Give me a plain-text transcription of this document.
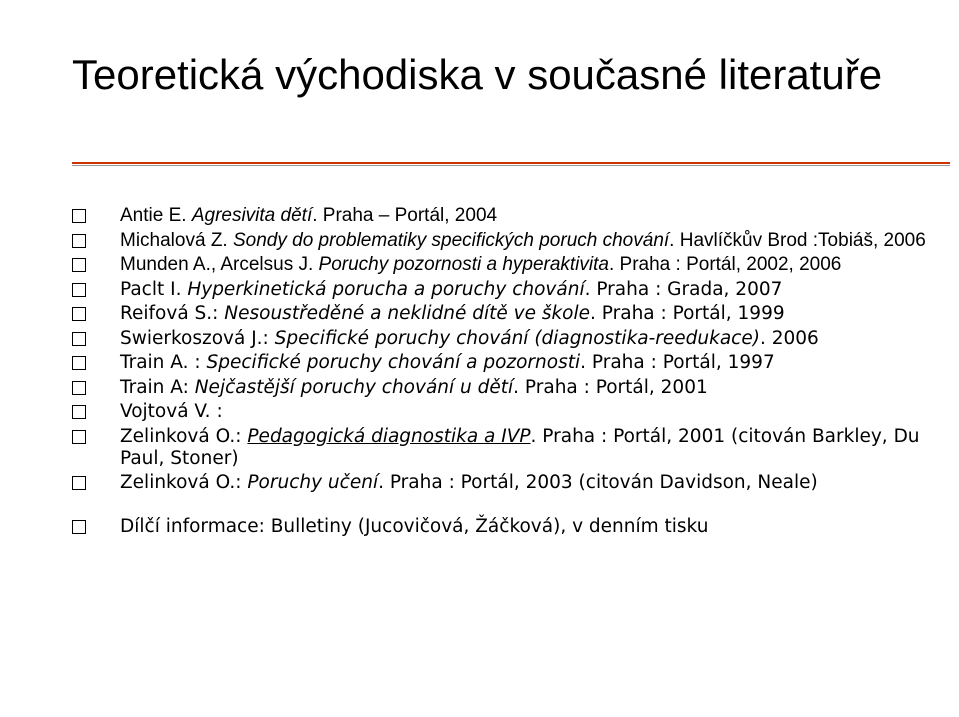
Teoretická východiska v současné literatuře
Antie E. Agresivita dětí. Praha – Portál, 2004
Michalová Z. Sondy do problematiky specifických poruch chování. Havlíčkův Brod :Tobiáš, 2006
Munden A., Arcelsus J. Poruchy pozornosti a hyperaktivita. Praha : Portál, 2002, 2006
Paclt I. Hyperkinetická porucha a poruchy chování. Praha : Grada, 2007
Reifová S.: Nesoustředěné a neklidné dítě ve škole. Praha : Portál, 1999
Swierkoszová J.: Specifické poruchy chování (diagnostika-reedukace). 2006
Train A. : Specifické poruchy chování a pozornosti. Praha : Portál, 1997
Train A: Nejčastější poruchy chování u dětí. Praha : Portál, 2001
Vojtová V. :
Zelinková O.: Pedagogická diagnostika a IVP. Praha : Portál, 2001 (citován Barkley, Du Paul, Stoner)
Zelinková O.: Poruchy učení. Praha : Portál, 2003 (citován Davidson, Neale)
Dílčí informace: Bulletiny (Jucovičová, Žáčková), v denním tisku
